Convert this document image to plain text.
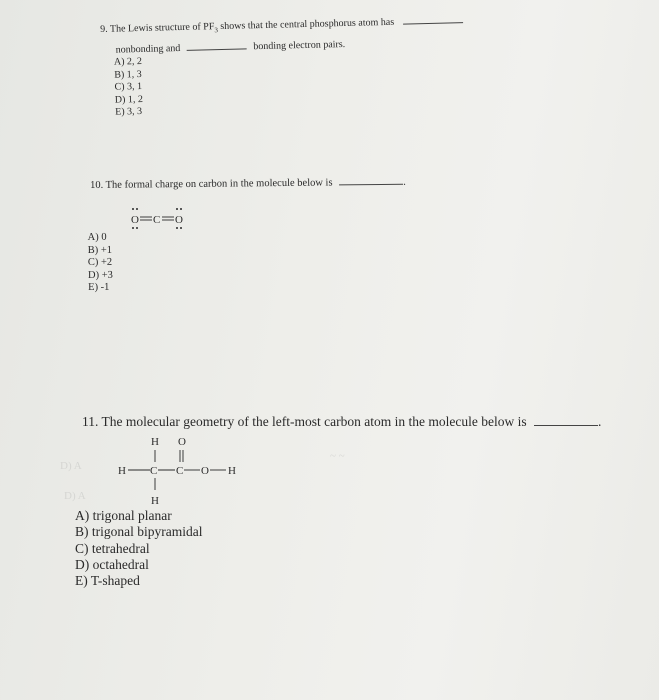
D) A
D) A
~ ~
9. The Lewis structure of $PF_3$ shows that the central phosphorus atom has
nonbonding and	bonding electron pairs.
A) 2, 2
B) 1, 3
C) 3, 1
D) 1, 2
E) 3, 3
10. The formal charge on carbon in the molecule below is	.
A) 0
B) +1
C) +2
D) +3
E) -1
O C O
11. The molecular geometry of the left-most carbon atom in the molecule below is	.
A) trigonal planar
B) trigonal bipyramidal
C) tetrahedral
D) octahedral
E) T-shaped
H O
H C C O H
H
